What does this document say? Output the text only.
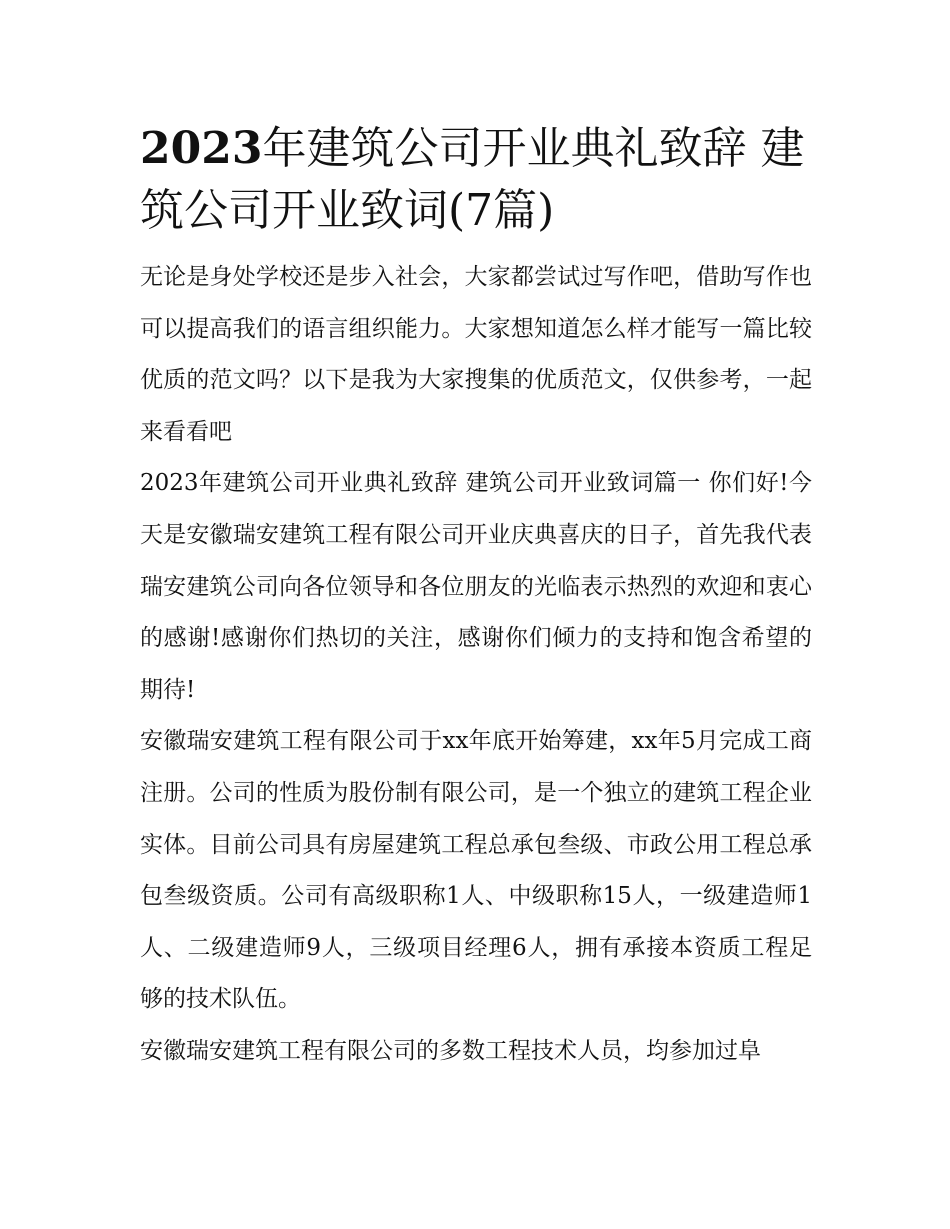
2023年建筑公司开业典礼致辞 建筑公司开业致词(7篇)

无论是身处学校还是步入社会，大家都尝试过写作吧，借助写作也可以提高我们的语言组织能力。大家想知道怎么样才能写一篇比较优质的范文吗？以下是我为大家搜集的优质范文，仅供参考，一起来看看吧

2023年建筑公司开业典礼致辞 建筑公司开业致词篇一 你们好!今天是安徽瑞安建筑工程有限公司开业庆典喜庆的日子，首先我代表瑞安建筑公司向各位领导和各位朋友的光临表示热烈的欢迎和衷心的感谢!感谢你们热切的关注，感谢你们倾力的支持和饱含希望的期待!

安徽瑞安建筑工程有限公司于xx年底开始筹建，xx年5月完成工商注册。公司的性质为股份制有限公司，是一个独立的建筑工程企业实体。目前公司具有房屋建筑工程总承包叁级、市政公用工程总承包叁级资质。公司有高级职称1人、中级职称15人，一级建造师1人、二级建造师9人，三级项目经理6人，拥有承接本资质工程足够的技术队伍。

安徽瑞安建筑工程有限公司的多数工程技术人员，均参加过阜
